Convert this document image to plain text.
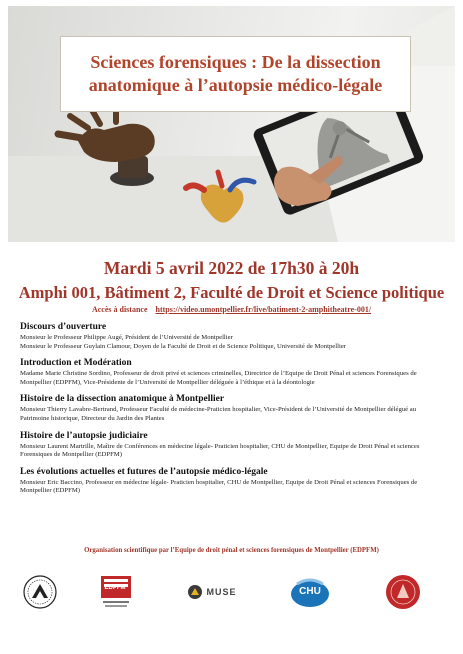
Sciences forensiques : De la dissection
anatomique à l’autopsie médico-légale
Mardi 5 avril 2022 de 17h30 à 20h
Amphi 001, Bâtiment 2, Faculté de Droit et Science politique
Accès à distance https://video.umontpellier.fr/live/batiment-2-amphitheatre-001/
Discours d’ouverture

Monsieur le Professeur Philippe Augé, Président de l’Université de Montpellier

Monsieur le Professeur Guylain Clamour, Doyen de la Faculté de Droit et de Science Politique, Université de Montpellier

Introduction et Modération

Madame Marie Christine Sordino, Professeur de droit privé et sciences criminelles, Directrice de l’Equipe de Droit Pénal et sciences Forensiques de Montpellier (EDPFM), Vice-Présidente de l’Université de Montpellier déléguée à l’éthique et à la déontologie

Histoire de la dissection anatomique à Montpellier

Monsieur Thierry Lavabre-Bertrand, Professeur Faculté de médecine-Praticien hospitalier, Vice-Président de l’Université de Montpellier délégué au Patrimoine historique, Directeur du Jardin des Plantes

Histoire de l’autopsie judiciaire

Monsieur Laurent Martrille, Maître de Conférences en médecine légale- Praticien hospitalier, CHU de Montpellier, Equipe de Droit Pénal et sciences Forensiques de Montpellier (EDPFM)

Les évolutions actuelles et futures de l’autopsie médico-légale

Monsieur Eric Baccino, Professeur en médecine légale- Praticien hospitalier, CHU de Montpellier, Equipe de Droit Pénal et sciences Forensiques de Montpellier (EDPFM)

Organisation scientifique par l’Equipe de droit pénal et sciences forensiques de Montpellier (EDPFM)
EDPFM	MUSE	CHU
